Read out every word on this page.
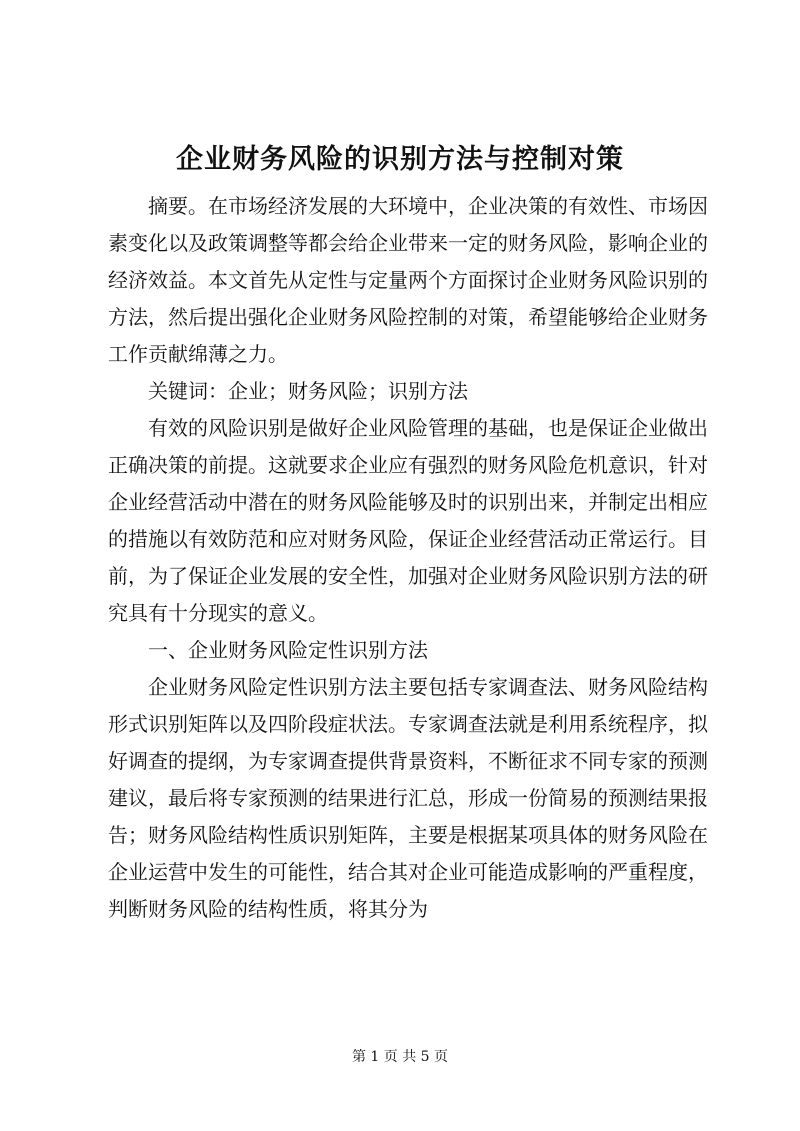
企业财务风险的识别方法与控制对策

摘要。在市场经济发展的大环境中，企业决策的有效性、市场因素变化以及政策调整等都会给企业带来一定的财务风险，影响企业的经济效益。本文首先从定性与定量两个方面探讨企业财务风险识别的方法，然后提出强化企业财务风险控制的对策，希望能够给企业财务工作贡献绵薄之力。

关键词：企业；财务风险；识别方法

有效的风险识别是做好企业风险管理的基础，也是保证企业做出正确决策的前提。这就要求企业应有强烈的财务风险危机意识，针对企业经营活动中潜在的财务风险能够及时的识别出来，并制定出相应的措施以有效防范和应对财务风险，保证企业经营活动正常运行。目前，为了保证企业发展的安全性，加强对企业财务风险识别方法的研究具有十分现实的意义。

一、企业财务风险定性识别方法

企业财务风险定性识别方法主要包括专家调查法、财务风险结构形式识别矩阵以及四阶段症状法。专家调查法就是利用系统程序，拟好调查的提纲，为专家调查提供背景资料，不断征求不同专家的预测建议，最后将专家预测的结果进行汇总，形成一份简易的预测结果报告；财务风险结构性质识别矩阵，主要是根据某项具体的财务风险在企业运营中发生的可能性，结合其对企业可能造成影响的严重程度，判断财务风险的结构性质，将其分为

第 1 页 共 5 页
